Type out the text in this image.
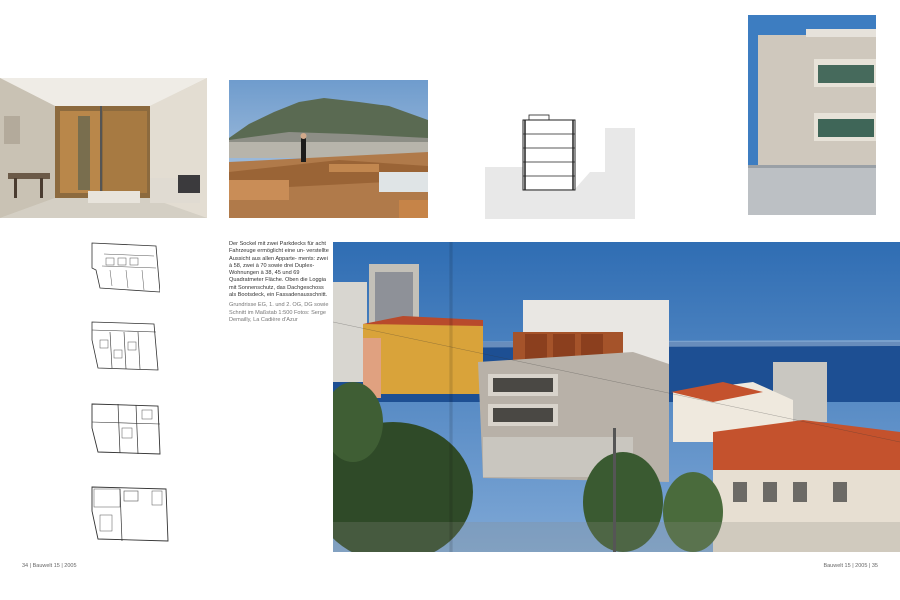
Der Sockel mit zwei Parkdecks für acht Fahrzeuge ermöglicht eine un- verstellte Aussicht aus allen Apparte- ments: zwei à 58, zwei à 70 sowie drei Duplex-Wohnungen à 38, 45 und 69 Quadratmeter Fläche. Oben die Loggia mit Sonnenschutz, das Dachgeschoss als Bootsdeck, ein Fassadenausschnitt.

Grundrisse EG, 1. und 2. OG, DG sowie Schnitt im Maßstab 1:500 Fotos: Serge Demailly, La Cadière d'Azur

34 | Bauwelt 15 | 2005	Bauwelt 15 | 2005 | 35
